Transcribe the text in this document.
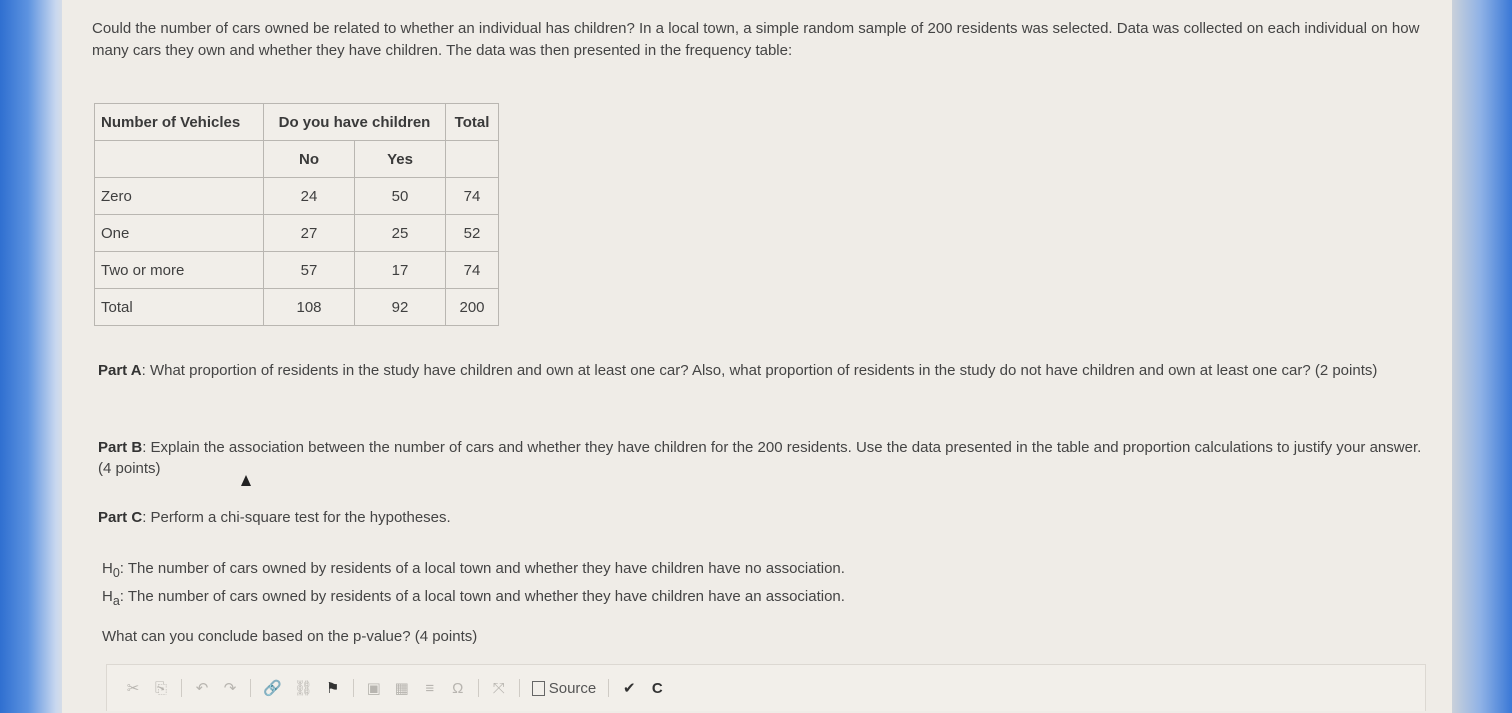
Could the number of cars owned be related to whether an individual has children? In a local town, a simple random sample of 200 residents was selected. Data was collected on each individual on how many cars they own and whether they have children. The data was then presented in the frequency table:
Number of Vehicles	Do you have children		Total
	No	Yes	
Zero	24	50	74
One	27	25	52
Two or more	57	17	74
Total	108	92	200
Part A: What proportion of residents in the study have children and own at least one car? Also, what proportion of residents in the study do not have children and own at least one car? (2 points)
Part B: Explain the association between the number of cars and whether they have children for the 200 residents. Use the data presented in the table and proportion calculations to justify your answer. (4 points)
Part C: Perform a chi-square test for the hypotheses.
$H_0$: The number of cars owned by residents of a local town and whether they have children have no association.
$H_a$: The number of cars owned by residents of a local town and whether they have children have an association.
What can you conclude based on the p-value? (4 points)
✂ ⎘ ↶ ↷ 🔗 ⛓ ⚑ ▣ ▦ ≡ Ω ⤧	Source ✔ C
